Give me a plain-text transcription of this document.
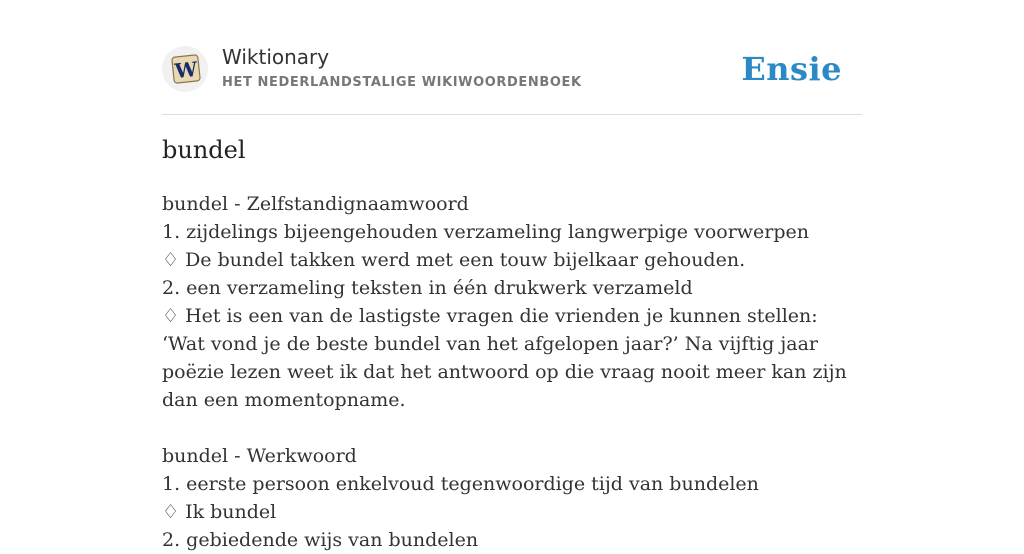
W Wiktionary
HET NEDERLANDSTALIGE WIKIWOORDENBOEK	Ensie
bundel
bundel - Zelfstandignaamwoord
1. zijdelings bijeengehouden verzameling langwerpige voorwerpen
♢ De bundel takken werd met een touw bijelkaar gehouden.
2. een verzameling teksten in één drukwerk verzameld
♢ Het is een van de lastigste vragen die vrienden je kunnen stellen: ‘Wat vond je de beste bundel van het afgelopen jaar?’ Na vijftig jaar poëzie lezen weet ik dat het antwoord op die vraag nooit meer kan zijn dan een momentopname.
bundel - Werkwoord
1. eerste persoon enkelvoud tegenwoordige tijd van bundelen
♢ Ik bundel
2. gebiedende wijs van bundelen
